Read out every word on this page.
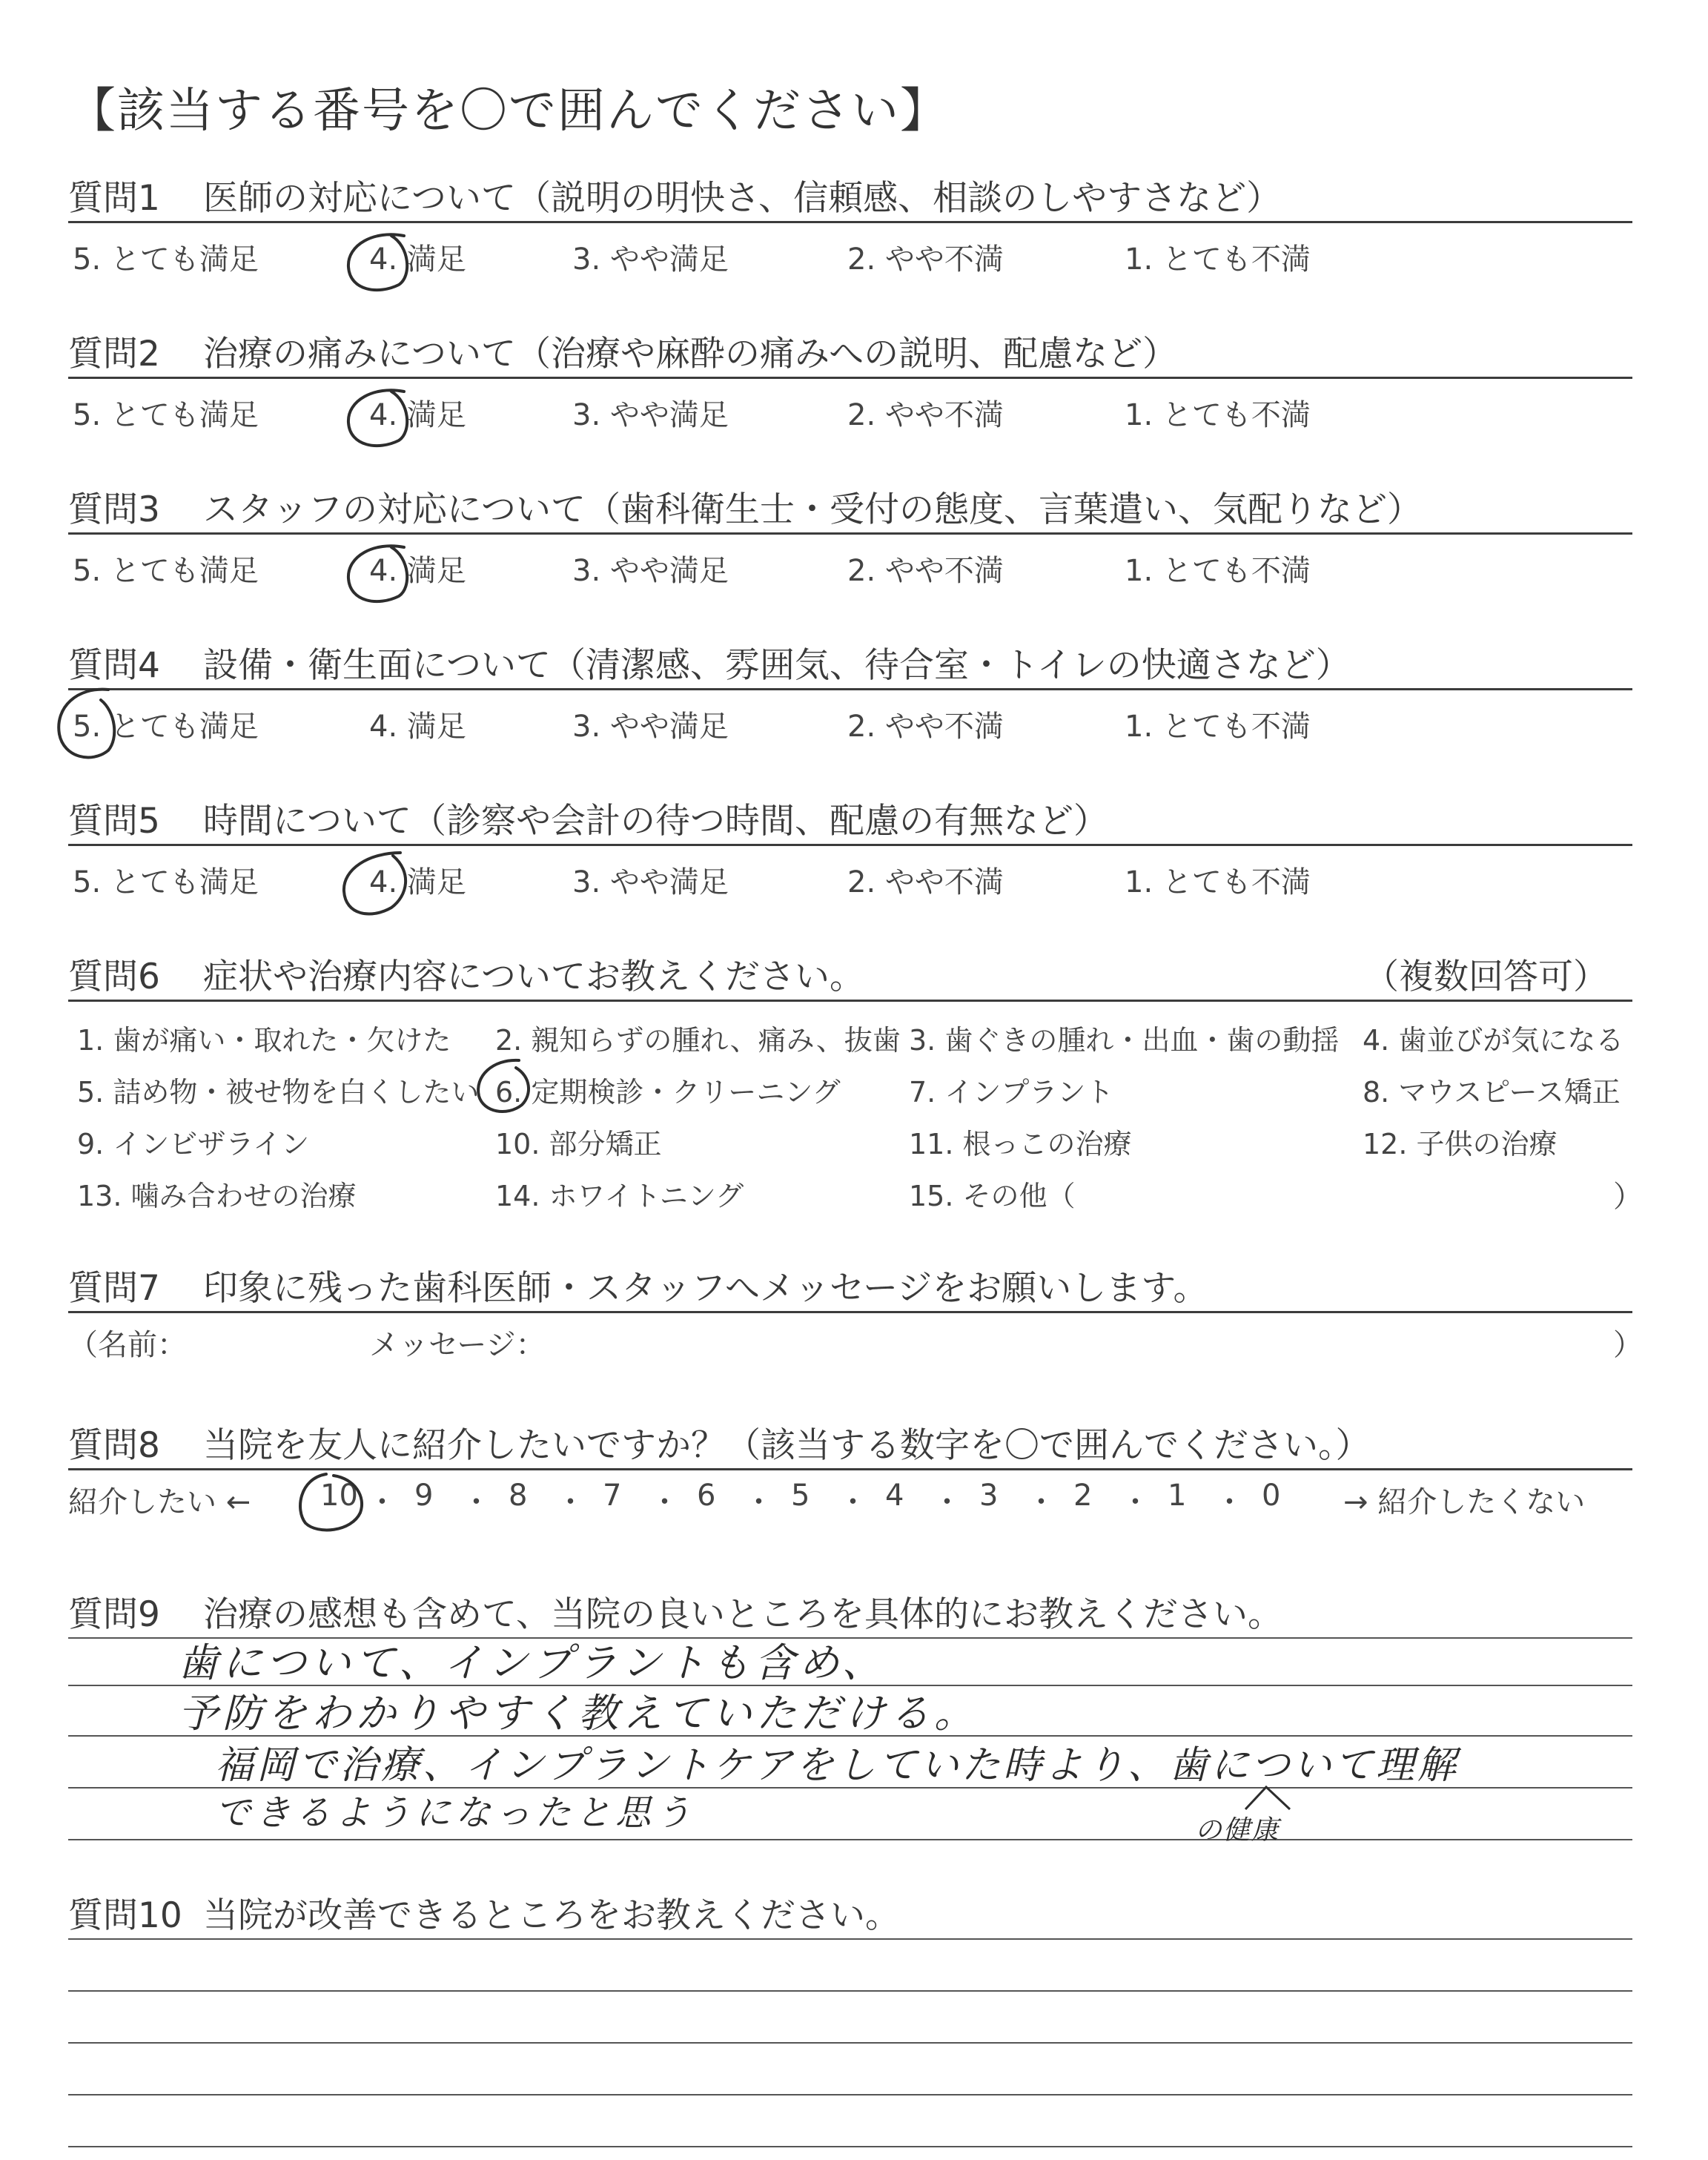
【該当する番号を〇で囲んでください】
質問1 医師の対応について（説明の明快さ、信頼感、相談のしやすさなど）
5. とても満足	4. 満足	3. やや満足	2. やや不満	1. とても不満
質問2 治療の痛みについて（治療や麻酔の痛みへの説明、配慮など）
5. とても満足	4. 満足	3. やや満足	2. やや不満	1. とても不満
質問3 スタッフの対応について（歯科衛生士・受付の態度、言葉遣い、気配りなど）
5. とても満足	4. 満足	3. やや満足	2. やや不満	1. とても不満
質問4 設備・衛生面について（清潔感、雰囲気、待合室・トイレの快適さなど）
5. とても満足	4. 満足	3. やや満足	2. やや不満	1. とても不満
質問5 時間について（診察や会計の待つ時間、配慮の有無など）
5. とても満足	4. 満足	3. やや満足	2. やや不満	1. とても不満
質問6 症状や治療内容についてお教えください。	（複数回答可）
1. 歯が痛い・取れた・欠けた 2. 親知らずの腫れ、痛み、抜歯 3. 歯ぐきの腫れ・出血・歯の動揺 4. 歯並びが気になる
5. 詰め物・被せ物を白くしたい 6. 定期検診・クリーニング 7. インプラント	8. マウスピース矯正
9. インビザライン	10. 部分矯正	11. 根っこの治療	12. 子供の治療
13. 噛み合わせの治療	14. ホワイトニング	15. その他（	）
質問7 印象に残った歯科医師・スタッフへメッセージをお願いします。
（名前：	メッセージ：	）
質問8 当院を友人に紹介したいですか？（該当する数字を〇で囲んでください。）
紹介したい ←	→ 紹介したくない
10 ・ 9 ・ 8 ・ 7 ・ 6 ・ 5 ・ 4 ・ 3 ・ 2 ・ 1 ・ 0
質問9 治療の感想も含めて、当院の良いところを具体的にお教えください。
歯について、インプラントも含め、
予防をわかりやすく教えていただける。
福岡で治療、インプラントケアをしていた時より、歯について理解
できるようになったと思う	の健康
質問10 当院が改善できるところをお教えください。
